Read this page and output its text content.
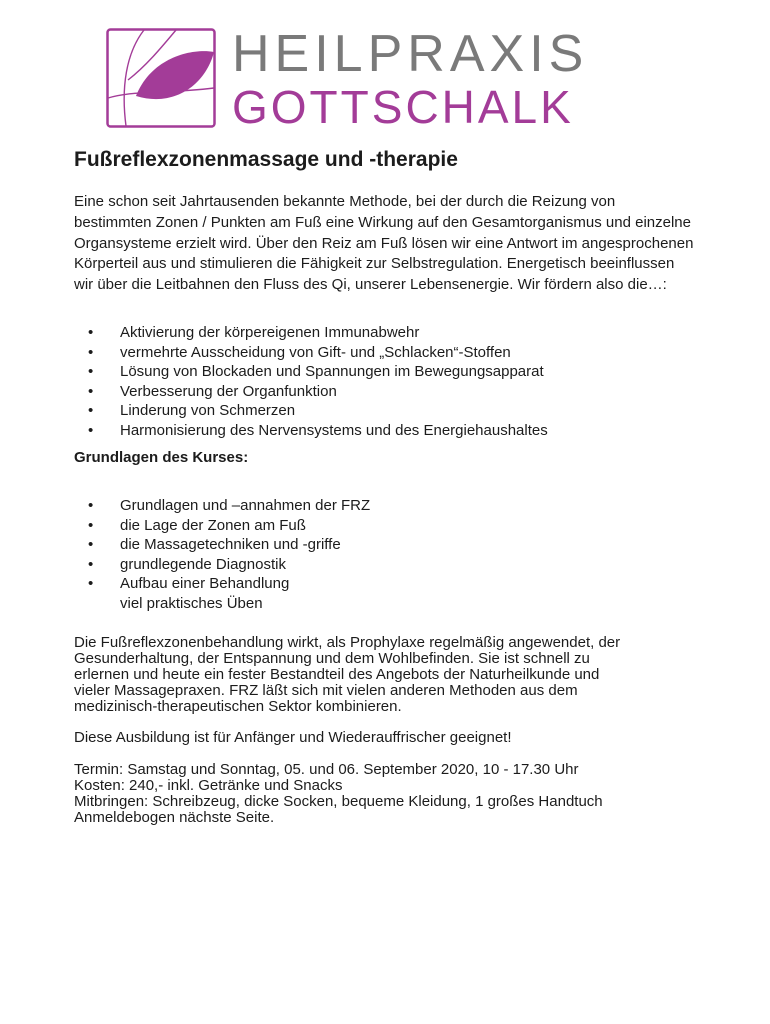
HEILPRAXIS
GOTTSCHALK
Fußreflexzonenmassage und -therapie

Eine schon seit Jahrtausenden bekannte Methode, bei der durch die Reizung von bestimmten Zonen / Punkten am Fuß eine Wirkung auf den Gesamtorganismus und einzelne Organsysteme erzielt wird. Über den Reiz am Fuß lösen wir eine Antwort im angesprochenen Körperteil aus und stimulieren die Fähigkeit zur Selbstregulation. Energetisch beeinflussen wir über die Leitbahnen den Fluss des Qi, unserer Lebensenergie. Wir fördern also die…:

• Aktivierung der körpereigenen Immunabwehr
• vermehrte Ausscheidung von Gift- und „Schlacken“-Stoffen
• Lösung von Blockaden und Spannungen im Bewegungsapparat
• Verbesserung der Organfunktion
• Linderung von Schmerzen
• Harmonisierung des Nervensystems und des Energiehaushaltes
Grundlagen des Kurses:
• Grundlagen und –annahmen der FRZ
• die Lage der Zonen am Fuß
• die Massagetechniken und -griffe
• grundlegende Diagnostik
• Aufbau einer Behandlung
viel praktisches Üben
Die Fußreflexzonenbehandlung wirkt, als Prophylaxe regelmäßig angewendet, der
Gesunderhaltung, der Entspannung und dem Wohlbefinden. Sie ist schnell zu
erlernen und heute ein fester Bestandteil des Angebots der Naturheilkunde und
vieler Massagepraxen. FRZ läßt sich mit vielen anderen Methoden aus dem
medizinisch-therapeutischen Sektor kombinieren.
Diese Ausbildung ist für Anfänger und Wiederauffrischer geeignet!
Termin: Samstag und Sonntag, 05. und 06. September 2020, 10 - 17.30 Uhr
Kosten: 240,- inkl. Getränke und Snacks
Mitbringen: Schreibzeug, dicke Socken, bequeme Kleidung, 1 großes Handtuch
Anmeldebogen nächste Seite.
